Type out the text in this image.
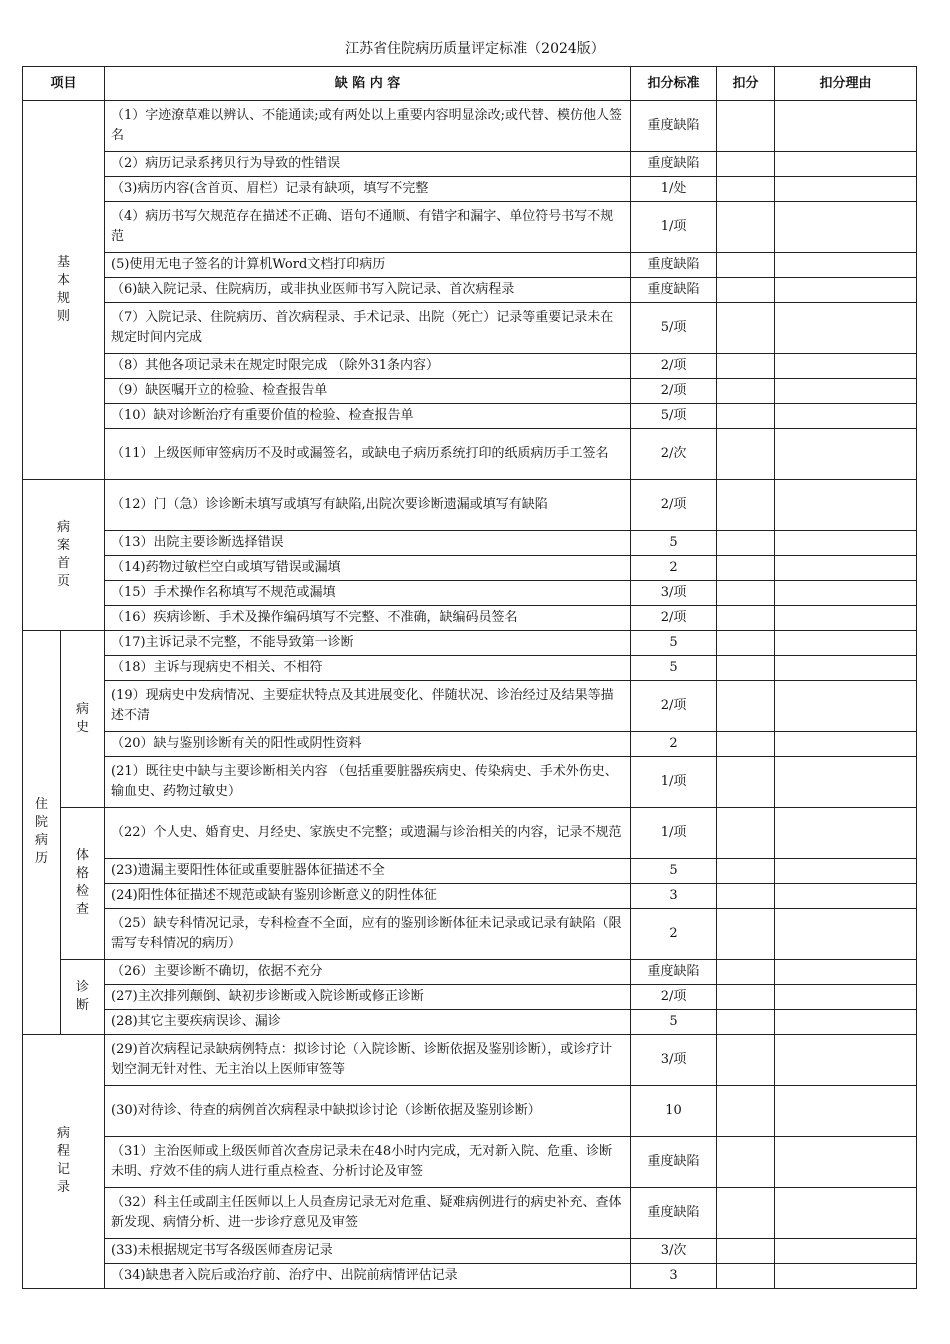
江苏省住院病历质量评定标准（2024版）
项目		缺 陷 内 容	扣分标准	扣分	扣分理由
基本规则		（1）字迹潦草难以辨认、不能通读;或有两处以上重要内容明显涂改;或代替、模仿他人签名	重度缺陷		
		（2）病历记录系拷贝行为导致的性错误	重度缺陷		
		（3)病历内容(含首页、眉栏）记录有缺项，填写不完整	1/处		
		（4）病历书写欠规范存在描述不正确、语句不通顺、有错字和漏字、单位符号书写不规范	1/项		
		(5)使用无电子签名的计算机Word文档打印病历	重度缺陷		
		（6)缺入院记录、住院病历，或非执业医师书写入院记录、首次病程录	重度缺陷		
		（7）入院记录、住院病历、首次病程录、手术记录、出院（死亡）记录等重要记录未在规定时间内完成	5/项		
		（8）其他各项记录未在规定时限完成 （除外31条内容）	2/项		
		（9）缺医嘱开立的检验、检查报告单	2/项		
		（10）缺对诊断治疗有重要价值的检验、检查报告单	5/项		
		（11）上级医师审签病历不及时或漏签名，或缺电子病历系统打印的纸质病历手工签名	2/次		
病案首页		（12）门（急）诊诊断未填写或填写有缺陷,出院次要诊断遗漏或填写有缺陷	2/项		
		（13）出院主要诊断选择错误	5		
		（14)药物过敏栏空白或填写错误或漏填	2		
		（15）手术操作名称填写不规范或漏填	3/项		
		（16）疾病诊断、手术及操作编码填写不完整、不准确，缺编码员签名	2/项		
住院病历	病史	（17)主诉记录不完整，不能导致第一诊断	5		
		（18）主诉与现病史不相关、不相符	5		
		(19）现病史中发病情况、主要症状特点及其进展变化、伴随状况、诊治经过及结果等描述不清	2/项		
		（20）缺与鉴别诊断有关的阳性或阴性资料	2		
		(21）既往史中缺与主要诊断相关内容 （包括重要脏器疾病史、传染病史、手术外伤史、输血史、药物过敏史）	1/项		
	体格检查	（22）个人史、婚育史、月经史、家族史不完整；或遗漏与诊治相关的内容，记录不规范	1/项		
		(23)遗漏主要阳性体征或重要脏器体征描述不全	5		
		(24)阳性体征描述不规范或缺有鉴别诊断意义的阴性体征	3		
		（25）缺专科情况记录，专科检查不全面，应有的鉴别诊断体征未记录或记录有缺陷（限需写专科情况的病历）	2		
	诊断	（26）主要诊断不确切，依据不充分	重度缺陷		
		(27)主次排列颠倒、缺初步诊断或入院诊断或修正诊断	2/项		
		(28)其它主要疾病误诊、漏诊	5		
病程记录		(29)首次病程记录缺病例特点：拟诊讨论（入院诊断、诊断依据及鉴别诊断），或诊疗计划空洞无针对性、无主治以上医师审签等	3/项		
		(30)对待诊、待查的病例首次病程录中缺拟诊讨论（诊断依据及鉴别诊断）	10		
		（31）主治医师或上级医师首次查房记录未在48小时内完成，无对新入院、危重、诊断未明、疗效不佳的病人进行重点检查、分析讨论及审签	重度缺陷		
		（32）科主任或副主任医师以上人员查房记录无对危重、疑难病例进行的病史补充、查体新发现、病情分析、进一步诊疗意见及审签	重度缺陷		
		(33)未根据规定书写各级医师查房记录	3/次		
		（34)缺患者入院后或治疗前、治疗中、出院前病情评估记录	3		
